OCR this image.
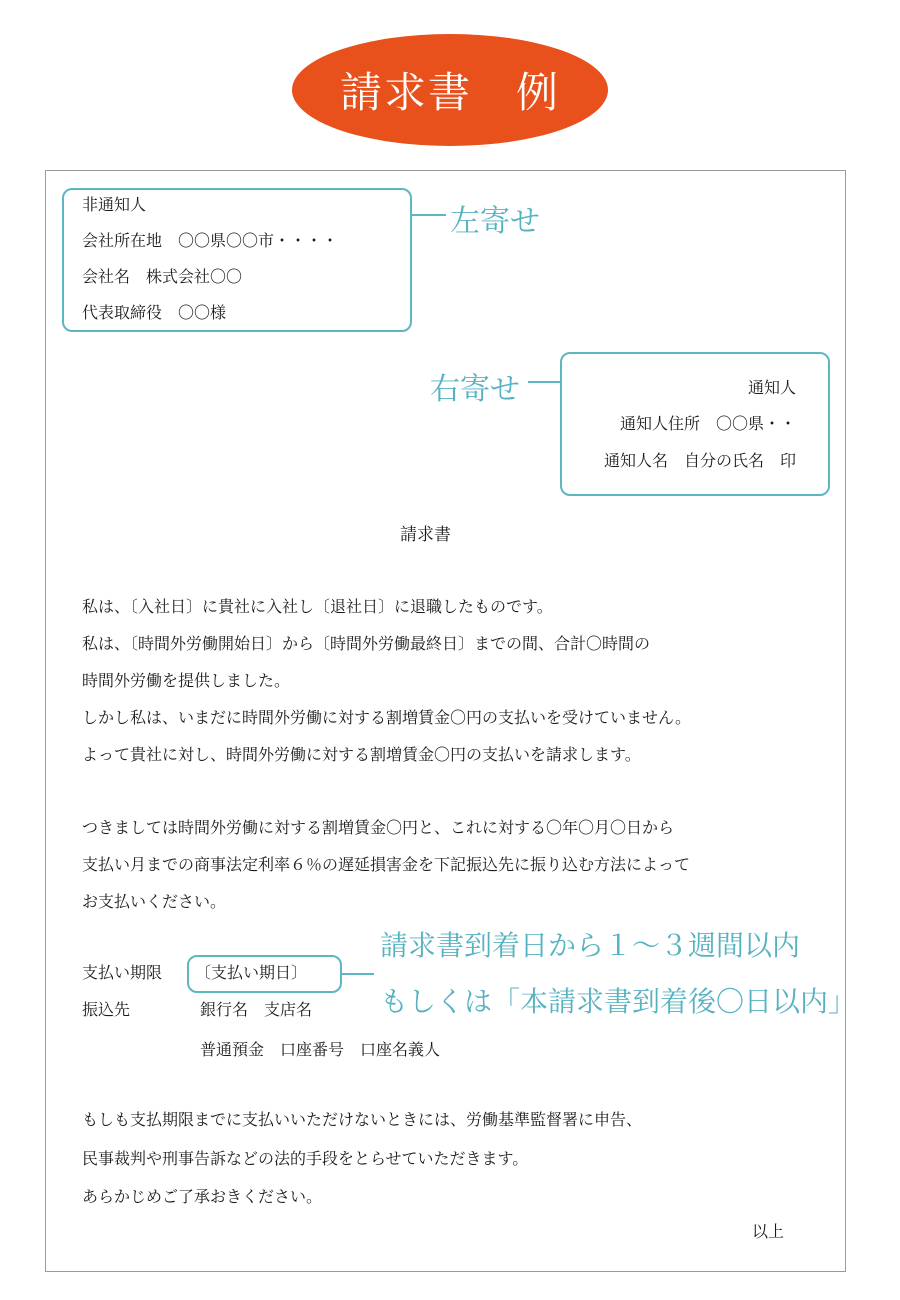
請求書　例
非通知人
会社所在地　〇〇県〇〇市・・・・
会社名　株式会社〇〇
代表取締役　〇〇様
左寄せ
通知人
通知人住所　〇〇県・・
通知人名　自分の氏名　印
右寄せ
請求書
私は、〔入社日〕に貴社に入社し〔退社日〕に退職したものです。
私は、〔時間外労働開始日〕から〔時間外労働最終日〕までの間、合計〇時間の
時間外労働を提供しました。
しかし私は、いまだに時間外労働に対する割増賃金〇円の支払いを受けていません。
よって貴社に対し、時間外労働に対する割増賃金〇円の支払いを請求します。
つきましては時間外労働に対する割増賃金〇円と、これに対する〇年〇月〇日から
支払い月までの商事法定利率６％の遅延損害金を下記振込先に振り込む方法によって
お支払いください。
支払い期限 〔支払い期日〕
請求書到着日から１～３週間以内
もしくは「本請求書到着後〇日以内」
振込先	銀行名　支店名
普通預金　口座番号　口座名義人
もしも支払期限までに支払いいただけないときには、労働基準監督署に申告、
民事裁判や刑事告訴などの法的手段をとらせていただきます。
あらかじめご了承おきください。
以上
